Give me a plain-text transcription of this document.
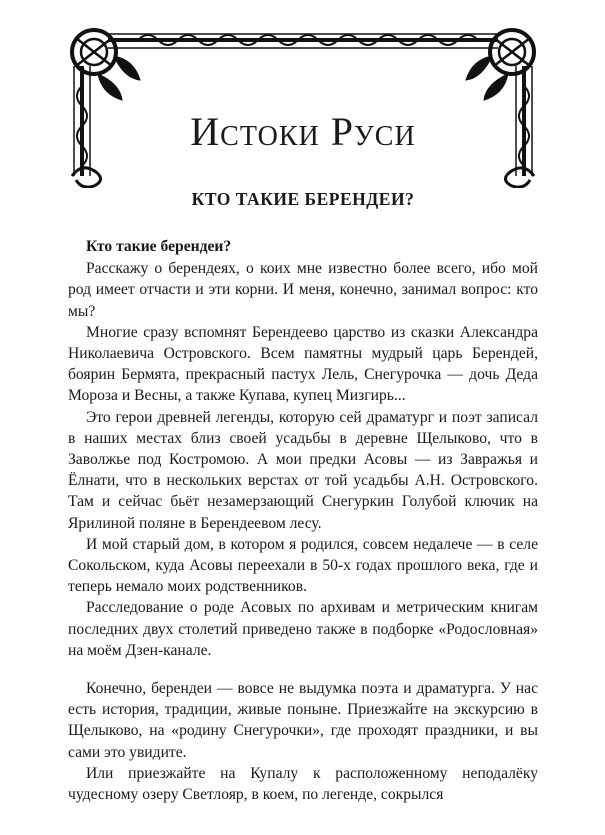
Истоки Руси
КТО ТАКИЕ БЕРЕНДЕИ?

Кто такие берендеи?

Расскажу о берендеях, о коих мне известно более всего, ибо мой род имеет отчасти и эти корни. И меня, конечно, занимал вопрос: кто мы?

Многие сразу вспомнят Берендеево царство из сказки Александра Николаевича Островского. Всем памятны мудрый царь Берендей, боярин Бермята, прекрасный пастух Лель, Снегурочка — дочь Деда Мороза и Весны, а также Купава, купец Мизгирь...

Это герои древней легенды, которую сей драматург и поэт записал в наших местах близ своей усадьбы в деревне Щелыково, что в Заволжье под Костромою. А мои предки Асовы — из Завражья и Ёлнати, что в нескольких верстах от той усадьбы А.Н. Островского. Там и сейчас бьёт незамерзающий Снегуркин Голубой ключик на Ярилиной поляне в Берендеевом лесу.

И мой старый дом, в котором я родился, совсем недалече — в селе Сокольском, куда Асовы переехали в 50-х годах прошлого века, где и теперь немало моих родственников.

Расследование о роде Асовых по архивам и метрическим книгам последних двух столетий приведено также в подборке «Родословная» на моём Дзен-канале.

Конечно, берендеи — вовсе не выдумка поэта и драматурга. У нас есть история, традиции, живые поныне. Приезжайте на экскурсию в Щелыково, на «родину Снегурочки», где проходят праздники, и вы сами это увидите.

Или приезжайте на Купалу к расположенному неподалёку чудесному озеру Светлояр, в коем, по легенде, сокрылся
